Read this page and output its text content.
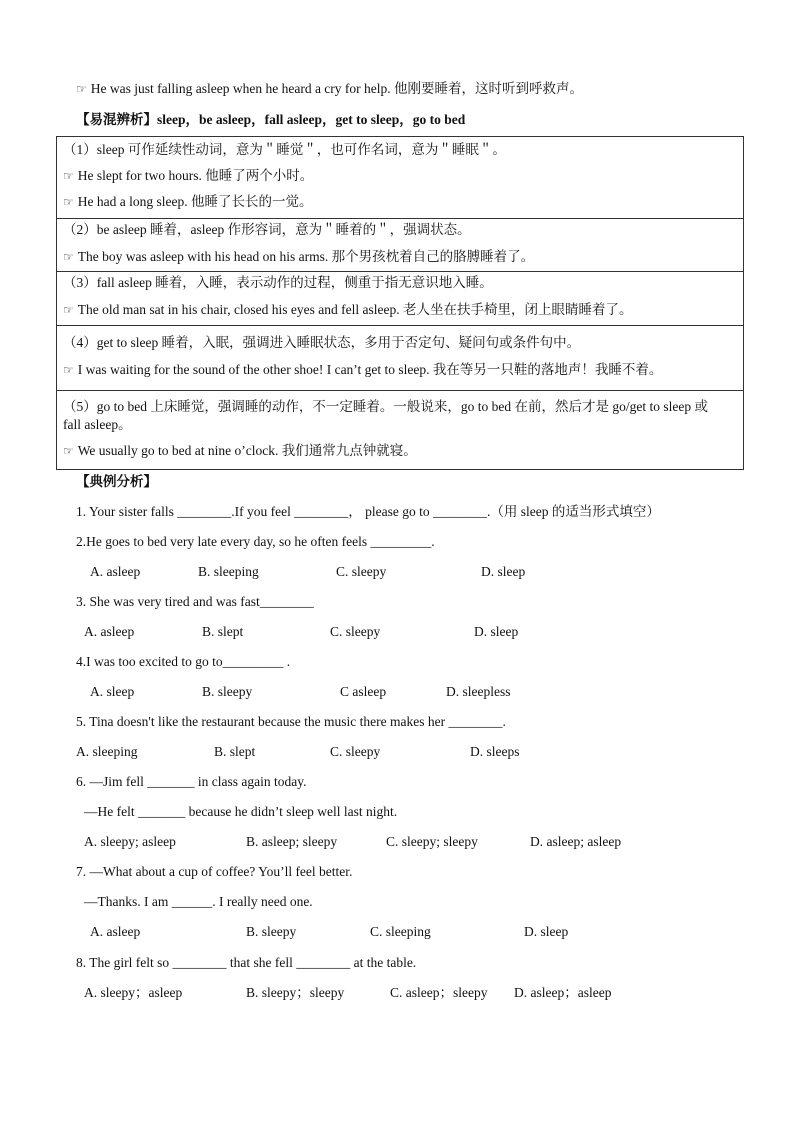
☞ He was just falling asleep when he heard a cry for help. 他刚要睡着，这时听到呼救声。
【易混辨析】sleep，be asleep，fall asleep，get to sleep，go to bed
（1）sleep 可作延续性动词，意为＂睡觉＂，也可作名词，意为＂睡眠＂。
☞ He slept for two hours. 他睡了两个小时。
☞ He had a long sleep. 他睡了长长的一觉。
（2）be asleep 睡着，asleep 作形容词，意为＂睡着的＂，强调状态。
☞ The boy was asleep with his head on his arms. 那个男孩枕着自己的胳膊睡着了。
（3）fall asleep 睡着，入睡，表示动作的过程，侧重于指无意识地入睡。
☞ The old man sat in his chair, closed his eyes and fell asleep. 老人坐在扶手椅里，闭上眼睛睡着了。
（4）get to sleep 睡着，入眠，强调进入睡眠状态，多用于否定句、疑问句或条件句中。
☞ I was waiting for the sound of the other shoe! I can’t get to sleep. 我在等另一只鞋的落地声！我睡不着。
（5）go to bed 上床睡觉，强调睡的动作，不一定睡着。一般说来，go to bed 在前，然后才是 go/get to sleep 或
fall asleep。
☞ We usually go to bed at nine o’clock. 我们通常九点钟就寝。
【典例分析】
1. Your sister falls ________.If you feel ________， please go to ________.（用 sleep 的适当形式填空）
2.He goes to bed very late every day, so he often feels _________.
A. asleep	B. sleeping	C. sleepy	D. sleep
3. She was very tired and was fast________
A. asleep	B. slept	C. sleepy	D. sleep
4.I was too excited to go to_________ .
A. sleep	B. sleepy	C asleep	D. sleepless
5. Tina doesn't like the restaurant because the music there makes her ________.
A. sleeping	B. slept	C. sleepy	D. sleeps
6. —Jim fell _______ in class again today.
—He felt _______ because he didn’t sleep well last night.
A. sleepy; asleep	B. asleep; sleepy	C. sleepy; sleepy	D. asleep; asleep
7. —What about a cup of coffee? You’ll feel better.
—Thanks. I am ______. I really need one.
A. asleep	B. sleepy	C. sleeping	D. sleep
8. The girl felt so ________ that she fell ________ at the table.
A. sleepy；asleep	B. sleepy；sleepy	C. asleep；sleepy D. asleep；asleep
